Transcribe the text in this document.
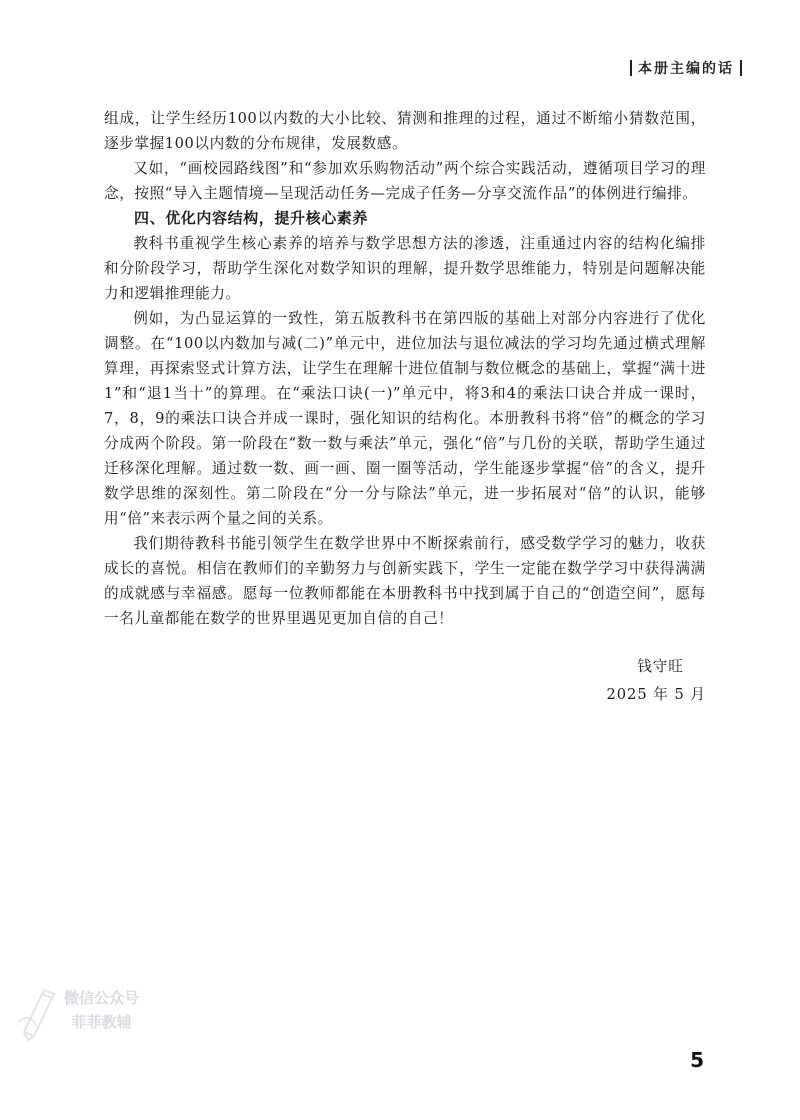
本册主编的话

组成，让学生经历100以内数的大小比较、猜测和推理的过程，通过不断缩小猜数范围，逐步掌握100以内数的分布规律，发展数感。

又如，“画校园路线图”和“参加欢乐购物活动”两个综合实践活动，遵循项目学习的理念，按照“导入主题情境—呈现活动任务—完成子任务—分享交流作品”的体例进行编排。

四、优化内容结构，提升核心素养

教科书重视学生核心素养的培养与数学思想方法的渗透，注重通过内容的结构化编排和分阶段学习，帮助学生深化对数学知识的理解，提升数学思维能力，特别是问题解决能力和逻辑推理能力。

例如，为凸显运算的一致性，第五版教科书在第四版的基础上对部分内容进行了优化调整。在“100以内数加与减(二)”单元中，进位加法与退位减法的学习均先通过横式理解算理，再探索竖式计算方法，让学生在理解十进位值制与数位概念的基础上，掌握“满十进1”和“退1当十”的算理。在“乘法口诀(一)”单元中，将3和4的乘法口诀合并成一课时，7，8，9的乘法口诀合并成一课时，强化知识的结构化。本册教科书将“倍”的概念的学习分成两个阶段。第一阶段在“数一数与乘法”单元，强化“倍”与几份的关联，帮助学生通过迁移深化理解。通过数一数、画一画、圈一圈等活动，学生能逐步掌握“倍”的含义，提升数学思维的深刻性。第二阶段在“分一分与除法”单元，进一步拓展对“倍”的认识，能够用“倍”来表示两个量之间的关系。

我们期待教科书能引领学生在数学世界中不断探索前行，感受数学学习的魅力，收获成长的喜悦。相信在教师们的辛勤努力与创新实践下，学生一定能在数学学习中获得满满的成就感与幸福感。愿每一位教师都能在本册教科书中找到属于自己的“创造空间”，愿每一名儿童都能在数学的世界里遇见更加自信的自己！

钱守旺
2025 年 5 月
微信公众号
菲菲教辅
5
